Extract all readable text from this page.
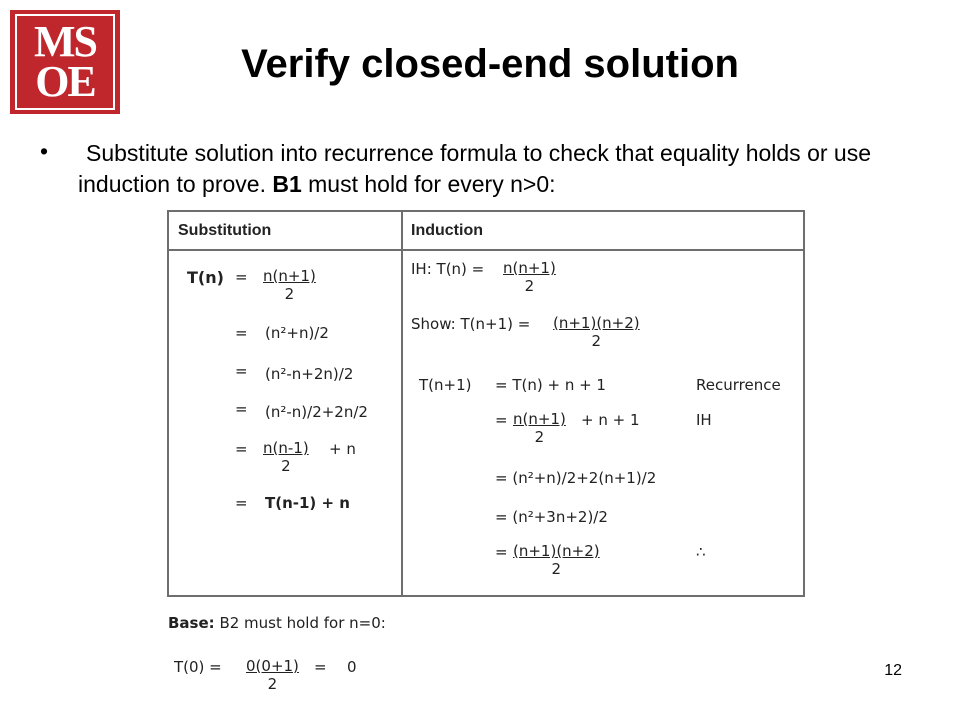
MS
OE	Verify closed-end solution
•	Substitute solution into recurrence formula to check that equality holds or use induction to prove. B1 must hold for every n>0:
Substitution	Induction
$T(n) = \frac{n(n+1)}{2}$
= (n²+n)/2
= (n²-n+2n)/2
= (n²-n)/2+2n/2
= $\frac{n(n-1)}{2} + n$
= T(n-1) + n
IH: $T(n) = \frac{n(n+1)}{2}$
Show: $T(n+1) = \frac{(n+1)(n+2)}{2}$
T(n+1) = T(n) + n + 1	Recurrence
= $\frac{n(n+1)}{2} + n + 1$	IH
= (n²+n)/2+2(n+1)/2
= (n²+3n+2)/2
= $\frac{(n+1)(n+2)}{2}$	∴
Base: B2 must hold for n=0:
$T(0) = \frac{0(0+1)}{2} = 0$	12
